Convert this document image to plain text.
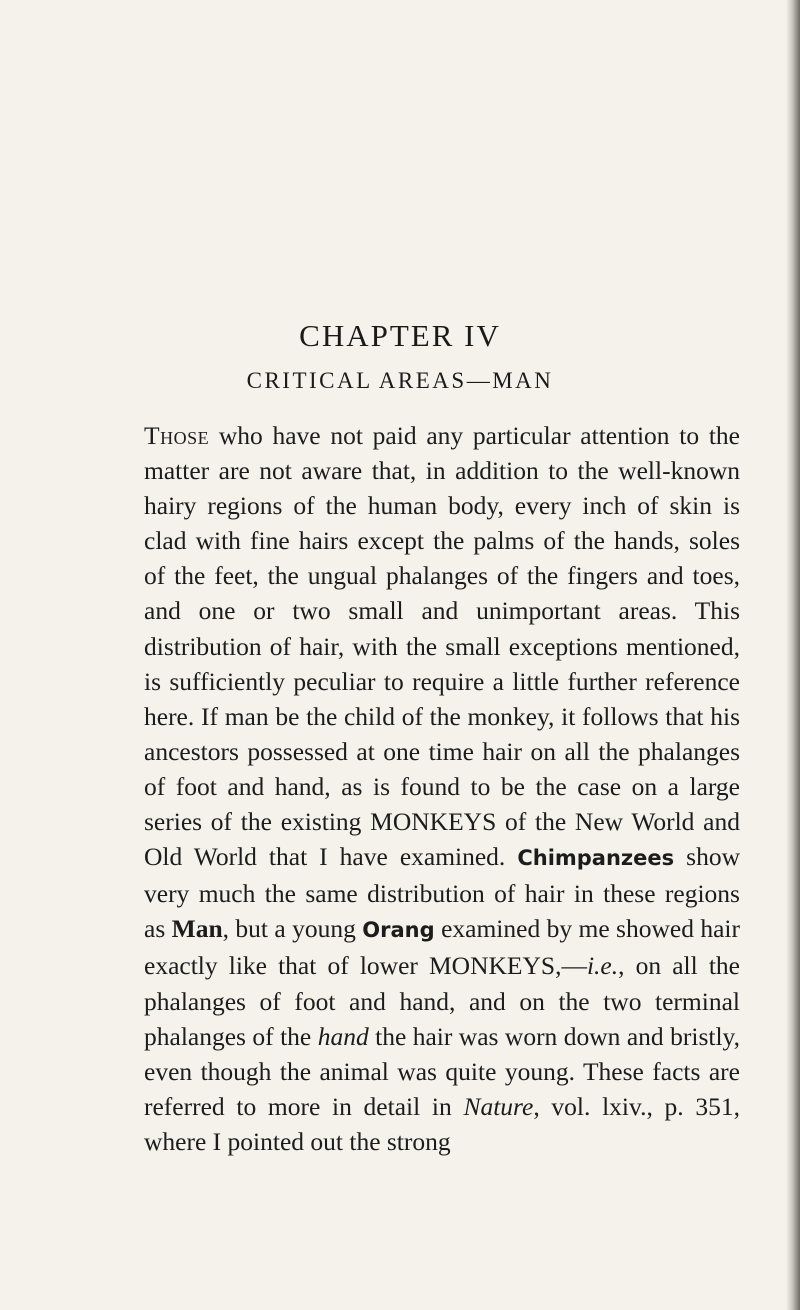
CHAPTER IV
CRITICAL AREAS—MAN

Those who have not paid any particular attention to the matter are not aware that, in addition to the well-known hairy regions of the human body, every inch of skin is clad with fine hairs except the palms of the hands, soles of the feet, the ungual phalanges of the fingers and toes, and one or two small and unimportant areas. This distribution of hair, with the small exceptions mentioned, is sufficiently peculiar to require a little further reference here. If man be the child of the monkey, it follows that his ancestors possessed at one time hair on all the phalanges of foot and hand, as is found to be the case on a large series of the existing MONKEYS of the New World and Old World that I have examined. Chimpanzees show very much the same distribution of hair in these regions as Man, but a young Orang examined by me showed hair exactly like that of lower MONKEYS,—i.e., on all the phalanges of foot and hand, and on the two terminal phalanges of the hand the hair was worn down and bristly, even though the animal was quite young. These facts are referred to more in detail in Nature, vol. lxiv., p. 351, where I pointed out the strong
